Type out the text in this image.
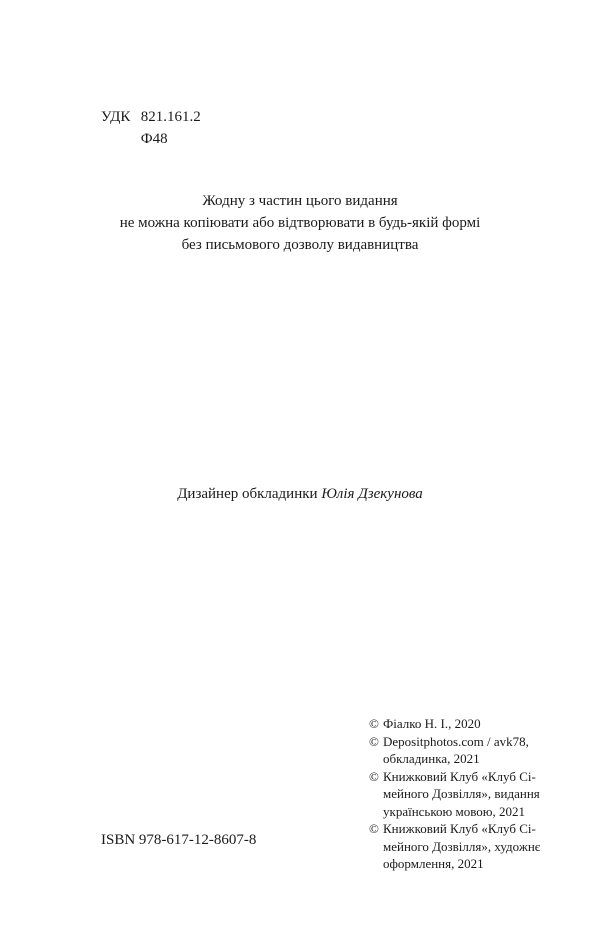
УДК 821.161.2
Ф48
Жодну з частин цього видання
не можна копіювати або відтворювати в будь-якій формі
без письмового дозволу видавництва
Дизайнер обкладинки Юлія Дзекунова
ISBN 978-617-12-8607-8
© Фіалко Н. І., 2020
© Depositphotos.com / avk78,
обкладинка, 2021
© Книжковий Клуб «Клуб Сі-
мейного Дозвілля», видання
українською мовою, 2021
© Книжковий Клуб «Клуб Сі-
мейного Дозвілля», художнє
оформлення, 2021
